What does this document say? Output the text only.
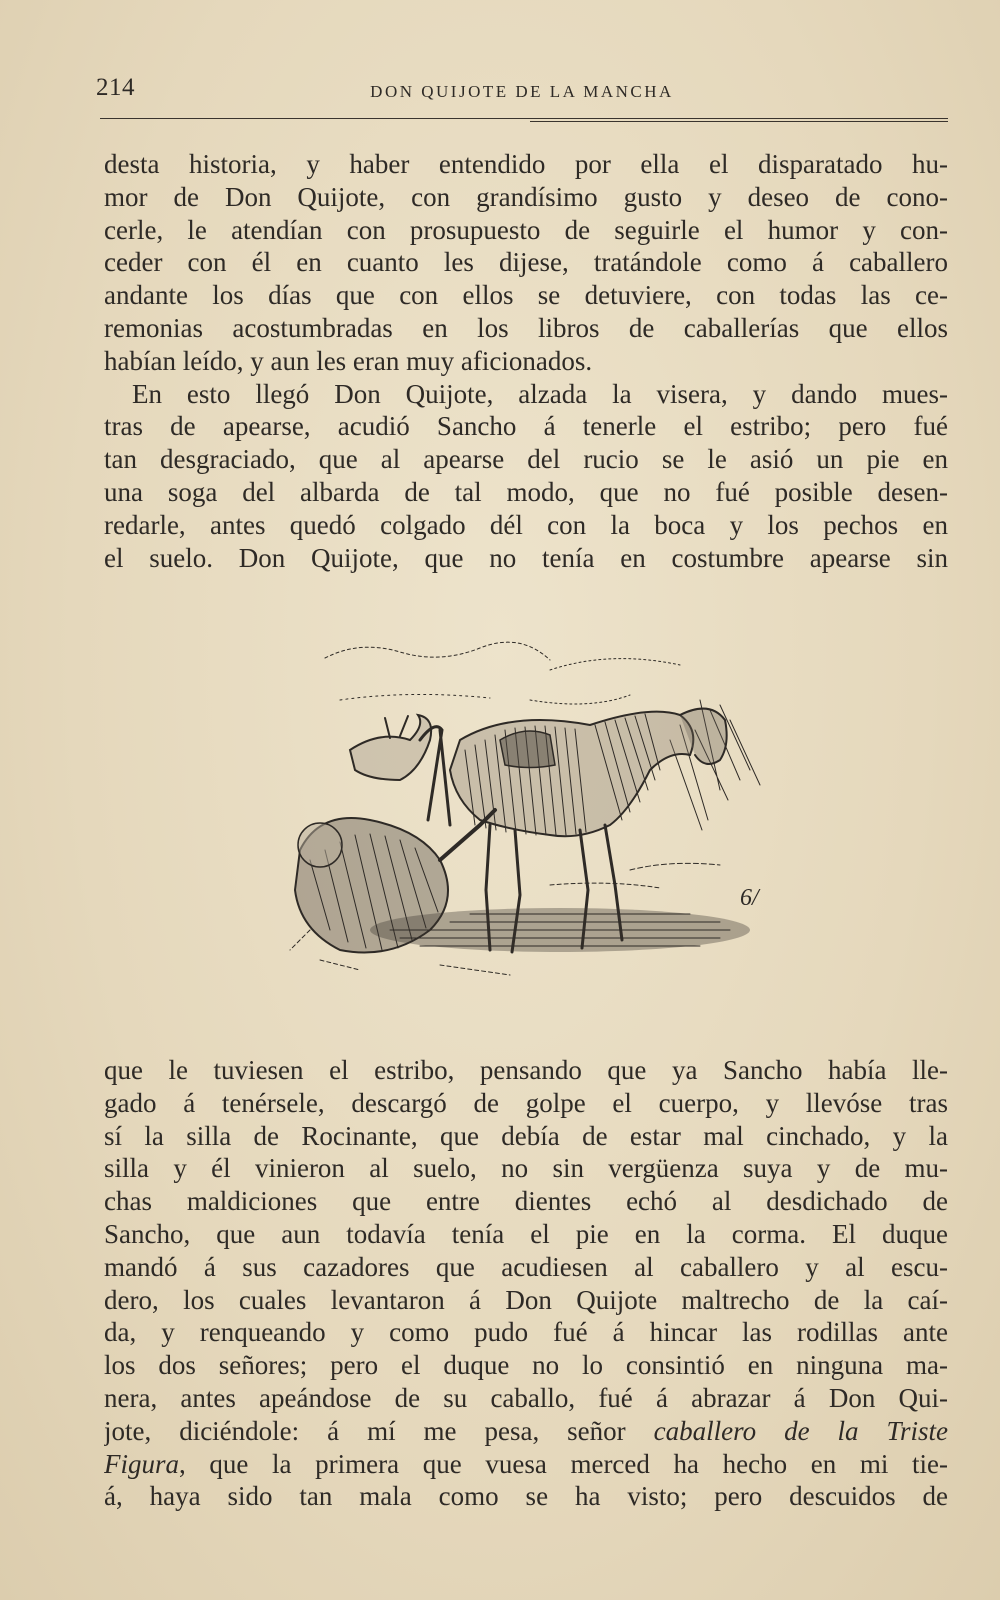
214	DON QUIJOTE DE LA MANCHA
desta historia, y haber entendido por ella el disparatado hu-
mor de Don Quijote, con grandísimo gusto y deseo de cono-
cerle, le atendían con prosupuesto de seguirle el humor y con-
ceder con él en cuanto les dijese, tratándole como á caballero
andante los días que con ellos se detuviere, con todas las ce-
remonias acostumbradas en los libros de caballerías que ellos
habían leído, y aun les eran muy aficionados.
En esto llegó Don Quijote, alzada la visera, y dando mues-
tras de apearse, acudió Sancho á tenerle el estribo; pero fué
tan desgraciado, que al apearse del rucio se le asió un pie en
una soga del albarda de tal modo, que no fué posible desen-
redarle, antes quedó colgado dél con la boca y los pechos en
el suelo. Don Quijote, que no tenía en costumbre apearse sin
6/
que le tuviesen el estribo, pensando que ya Sancho había lle-
gado á tenérsele, descargó de golpe el cuerpo, y llevóse tras
sí la silla de Rocinante, que debía de estar mal cinchado, y la
silla y él vinieron al suelo, no sin vergüenza suya y de mu-
chas maldiciones que entre dientes echó al desdichado de
Sancho, que aun todavía tenía el pie en la corma. El duque
mandó á sus cazadores que acudiesen al caballero y al escu-
dero, los cuales levantaron á Don Quijote maltrecho de la caí-
da, y renqueando y como pudo fué á hincar las rodillas ante
los dos señores; pero el duque no lo consintió en ninguna ma-
nera, antes apeándose de su caballo, fué á abrazar á Don Qui-
jote, diciéndole: á mí me pesa, señor caballero de la Triste
Figura, que la primera que vuesa merced ha hecho en mi tie-
á, haya sido tan mala como se ha visto; pero descuidos de
